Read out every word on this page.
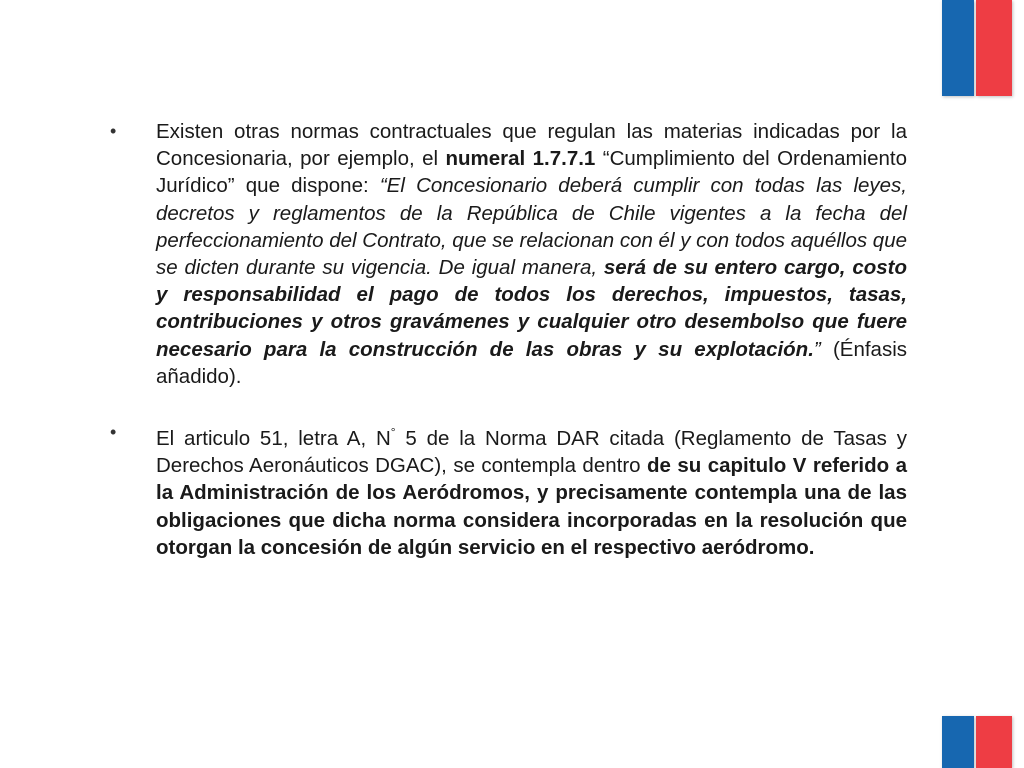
• Existen otras normas contractuales que regulan las materias indicadas por la Concesionaria, por ejemplo, el numeral 1.7.7.1 “Cumplimiento del Ordenamiento Jurídico” que dispone: “El Concesionario deberá cumplir con todas las leyes, decretos y reglamentos de la República de Chile vigentes a la fecha del perfeccionamiento del Contrato, que se relacionan con él y con todos aquéllos que se dicten durante su vigencia. De igual manera, será de su entero cargo, costo y responsabilidad el pago de todos los derechos, impuestos, tasas, contribuciones y otros gravámenes y cualquier otro desembolso que fuere necesario para la construcción de las obras y su explotación.” (Énfasis añadido).
• El articulo 51, letra A, N° 5 de la Norma DAR citada (Reglamento de Tasas y Derechos Aeronáuticos DGAC), se contempla dentro de su capitulo V referido a la Administración de los Aeródromos, y precisamente contempla una de las obligaciones que dicha norma considera incorporadas en la resolución que otorgan la concesión de algún servicio en el respectivo aeródromo.
